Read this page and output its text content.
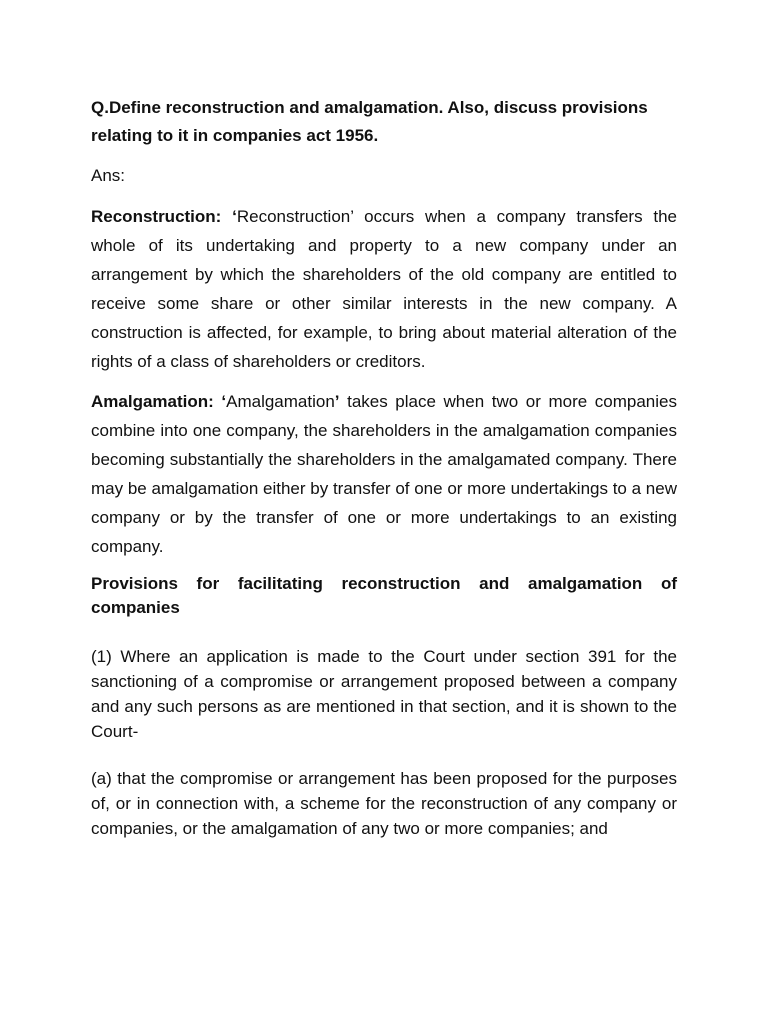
Q.Define reconstruction and amalgamation. Also, discuss provisions relating to it in companies act 1956.

Ans:

Reconstruction: ‘Reconstruction’ occurs when a company transfers the whole of its undertaking and property to a new company under an arrangement by which the shareholders of the old company are entitled to receive some share or other similar interests in the new company. A construction is affected, for example, to bring about material alteration of the rights of a class of shareholders or creditors.

Amalgamation: ‘Amalgamation’ takes place when two or more companies combine into one company, the shareholders in the amalgamation companies becoming substantially the shareholders in the amalgamated company. There may be amalgamation either by transfer of one or more undertakings to a new company or by the transfer of one or more undertakings to an existing company.

Provisions for facilitating reconstruction and amalgamation of companies

(1) Where an application is made to the Court under section 391 for the sanctioning of a compromise or arrangement proposed between a company and any such persons as are mentioned in that section, and it is shown to the Court-

(a) that the compromise or arrangement has been proposed for the purposes of, or in connection with, a scheme for the reconstruction of any company or companies, or the amalgamation of any two or more companies; and
